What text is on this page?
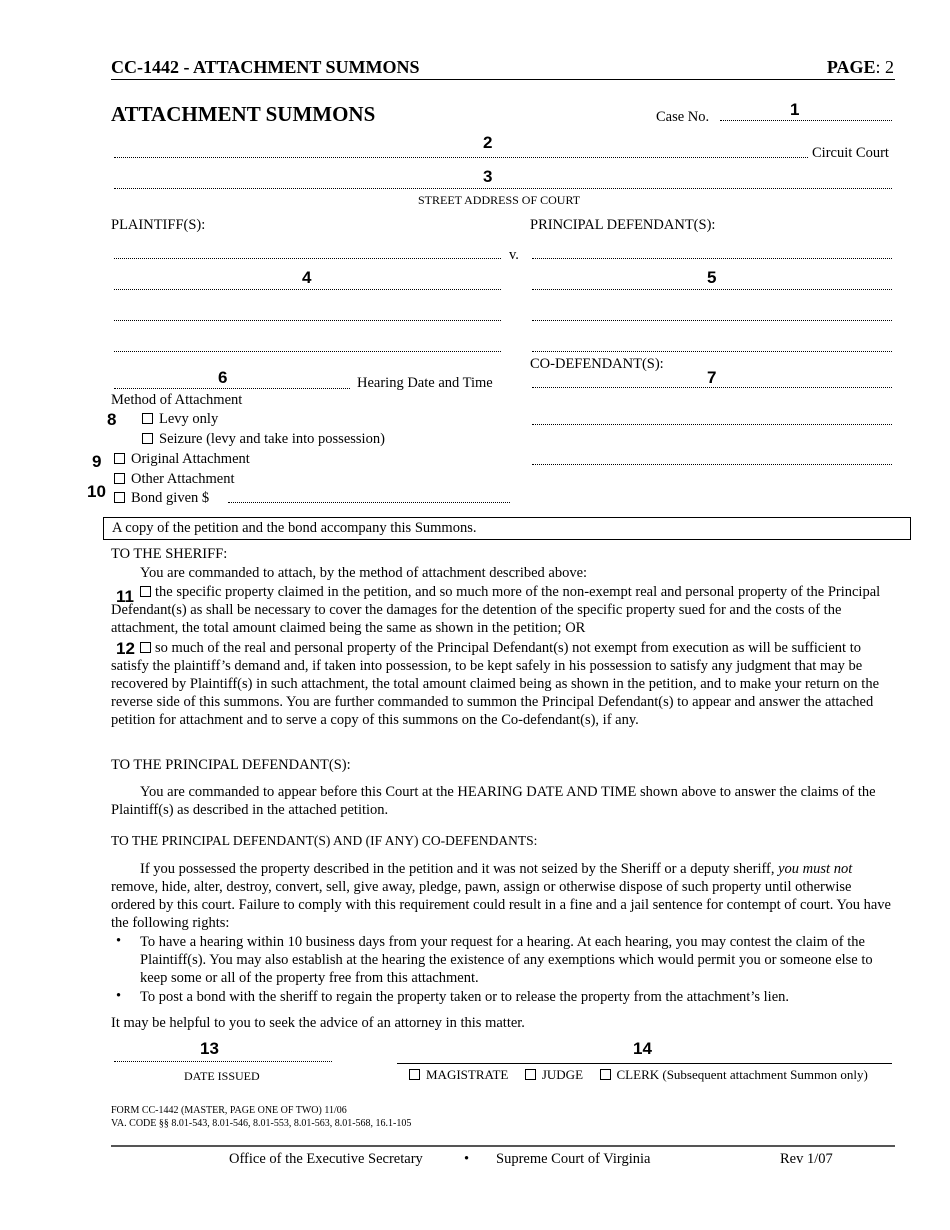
CC-1442 - ATTACHMENT SUMMONS	PAGE: 2
ATTACHMENT SUMMONS	Case No.	1
Circuit Court
2
3
STREET ADDRESS OF COURT
PLAINTIFF(S):	PRINCIPAL DEFENDANT(S):
v.
4	5
6	Hearing Date and Time
CO-DEFENDANT(S):
7
Method of Attachment
8	Levy only
Seizure (levy and take into possession)
9	Original Attachment
Other Attachment
10	Bond given $
A copy of the petition and the bond accompany this Summons.
TO THE SHERIFF:
You are commanded to attach, by the method of attachment described above:
11	the specific property claimed in the petition, and so much more of the non-exempt real and personal property of the Principal Defendant(s) as shall be necessary to cover the damages for the detention of the specific property sued for and the costs of the attachment, the total amount claimed being the same as shown in the petition; OR
12	so much of the real and personal property of the Principal Defendant(s) not exempt from execution as will be sufficient to satisfy the plaintiff’s demand and, if taken into possession, to be kept safely in his possession to satisfy any judgment that may be recovered by Plaintiff(s) in such attachment, the total amount claimed being as shown in the petition, and to make your return on the reverse side of this summons. You are further commanded to summon the Principal Defendant(s) to appear and answer the attached petition for attachment and to serve a copy of this summons on the Co-defendant(s), if any.
TO THE PRINCIPAL DEFENDANT(S):
You are commanded to appear before this Court at the HEARING DATE AND TIME shown above to answer the claims of the Plaintiff(s) as described in the attached petition.
TO THE PRINCIPAL DEFENDANT(S) AND (IF ANY) CO-DEFENDANTS:
If you possessed the property described in the petition and it was not seized by the Sheriff or a deputy sheriff, you must not remove, hide, alter, destroy, convert, sell, give away, pledge, pawn, assign or otherwise dispose of such property until otherwise ordered by this court. Failure to comply with this requirement could result in a fine and a jail sentence for contempt of court. You have the following rights:
• To have a hearing within 10 business days from your request for a hearing. At each hearing, you may contest the claim of the Plaintiff(s). You may also establish at the hearing the existence of any exemptions which would permit you or someone else to keep some or all of the property free from this attachment.
• To post a bond with the sheriff to regain the property taken or to release the property from the attachment’s lien.
It may be helpful to you to seek the advice of an attorney in this matter.
13
DATE ISSUED
14
MAGISTRATE	JUDGE	CLERK (Subsequent attachment Summon only)
FORM CC-1442 (MASTER, PAGE ONE OF TWO) 11/06
VA. CODE §§ 8.01-543, 8.01-546, 8.01-553, 8.01-563, 8.01-568, 16.1-105
Office of the Executive Secretary	• Supreme Court of Virginia	Rev 1/07
